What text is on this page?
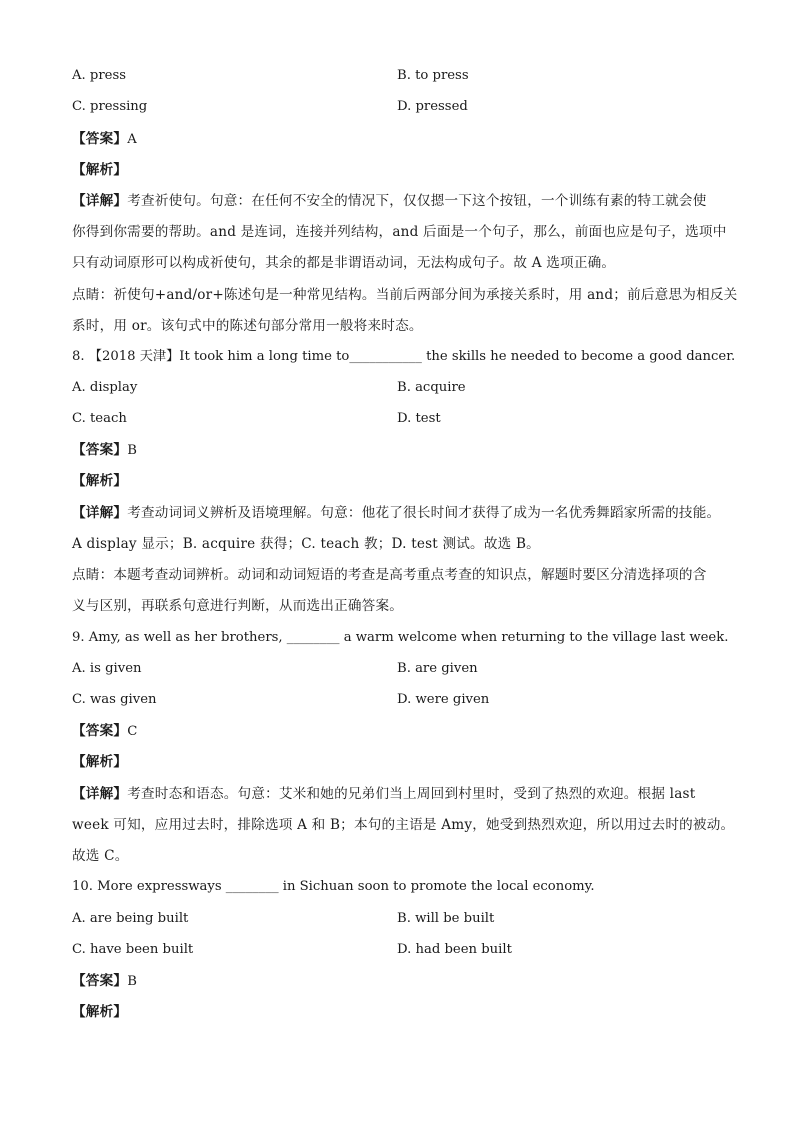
A. press	B. to press
C. pressing	D. pressed
【答案】A
【解析】
【详解】考查祈使句。句意：在任何不安全的情况下，仅仅摁一下这个按钮，一个训练有素的特工就会使
你得到你需要的帮助。and 是连词，连接并列结构，and 后面是一个句子，那么，前面也应是句子，选项中
只有动词原形可以构成祈使句，其余的都是非谓语动词，无法构成句子。故 A 选项正确。
点睛：祈使句+and/or+陈述句是一种常见结构。当前后两部分间为承接关系时，用 and；前后意思为相反关
系时，用 or。该句式中的陈述句部分常用一般将来时态。
8. 【2018 天津】It took him a long time to___________ the skills he needed to become a good dancer.
A. display	B. acquire
C. teach	D. test
【答案】B
【解析】
【详解】考查动词词义辨析及语境理解。句意：他花了很长时间才获得了成为一名优秀舞蹈家所需的技能。
A display 显示；B. acquire 获得；C. teach 教；D. test 测试。故选 B。
点睛：本题考查动词辨析。动词和动词短语的考查是高考重点考查的知识点，解题时要区分清选择项的含
义与区别，再联系句意进行判断，从而选出正确答案。
9. Amy, as well as her brothers, ________ a warm welcome when returning to the village last week.
A. is given	B. are given
C. was given	D. were given
【答案】C
【解析】
【详解】考查时态和语态。句意：艾米和她的兄弟们当上周回到村里时，受到了热烈的欢迎。根据 last
week 可知，应用过去时，排除选项 A 和 B；本句的主语是 Amy，她受到热烈欢迎，所以用过去时的被动。
故选 C。
10. More expressways ________ in Sichuan soon to promote the local economy.
A. are being built	B. will be built
C. have been built	D. had been built
【答案】B
【解析】
